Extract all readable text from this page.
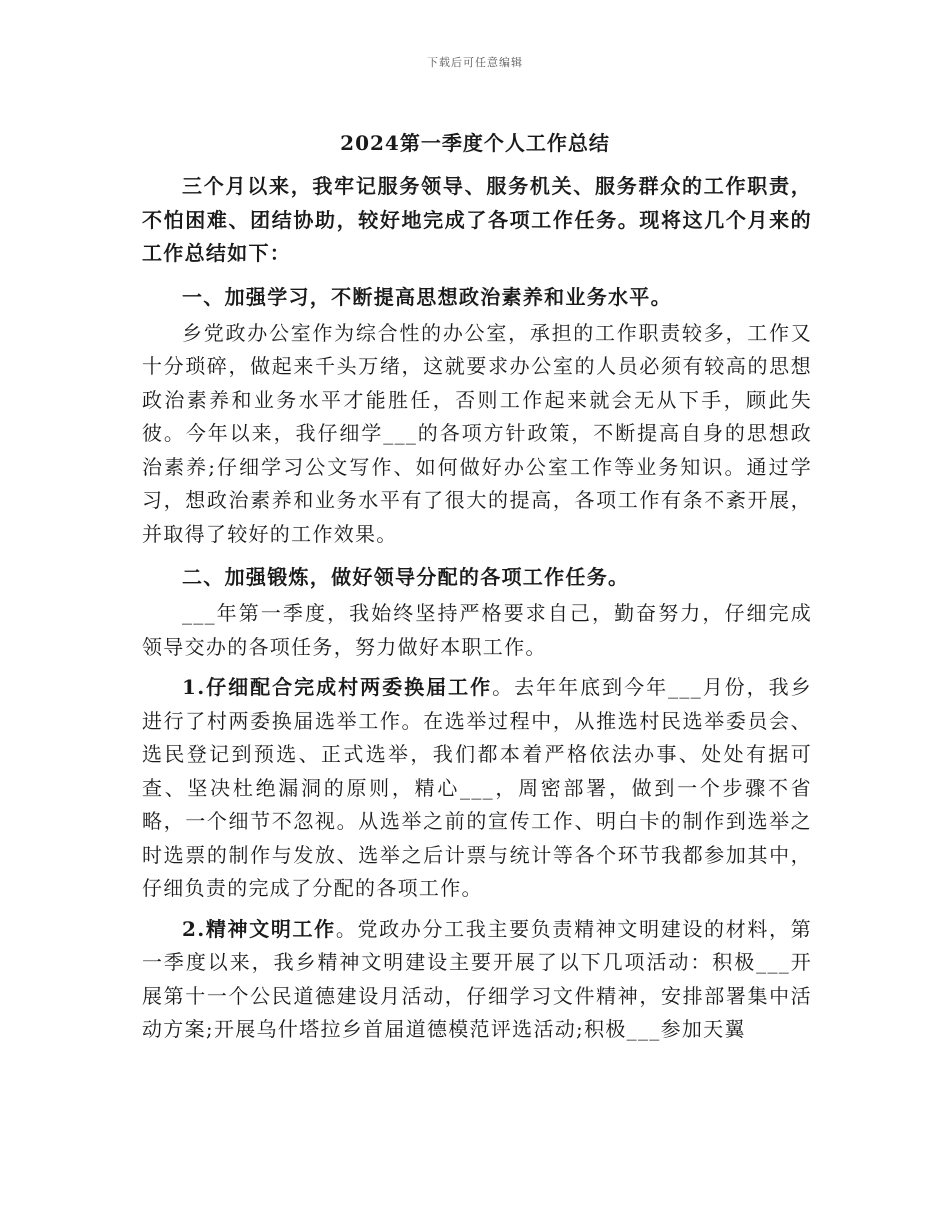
下载后可任意编辑
2024第一季度个人工作总结

三个月以来，我牢记服务领导、服务机关、服务群众的工作职责，不怕困难、团结协助，较好地完成了各项工作任务。现将这几个月来的工作总结如下：

一、加强学习，不断提高思想政治素养和业务水平。

乡党政办公室作为综合性的办公室，承担的工作职责较多，工作又十分琐碎，做起来千头万绪，这就要求办公室的人员必须有较高的思想政治素养和业务水平才能胜任，否则工作起来就会无从下手，顾此失彼。今年以来，我仔细学___的各项方针政策，不断提高自身的思想政治素养;仔细学习公文写作、如何做好办公室工作等业务知识。通过学习，想政治素养和业务水平有了很大的提高，各项工作有条不紊开展，并取得了较好的工作效果。

二、加强锻炼，做好领导分配的各项工作任务。

___年第一季度，我始终坚持严格要求自己，勤奋努力，仔细完成领导交办的各项任务，努力做好本职工作。

1.仔细配合完成村两委换届工作。去年年底到今年___月份，我乡进行了村两委换届选举工作。在选举过程中，从推选村民选举委员会、选民登记到预选、正式选举，我们都本着严格依法办事、处处有据可查、坚决杜绝漏洞的原则，精心___，周密部署，做到一个步骤不省略，一个细节不忽视。从选举之前的宣传工作、明白卡的制作到选举之时选票的制作与发放、选举之后计票与统计等各个环节我都参加其中，仔细负责的完成了分配的各项工作。

2.精神文明工作。党政办分工我主要负责精神文明建设的材料，第一季度以来，我乡精神文明建设主要开展了以下几项活动：积极___开展第十一个公民道德建设月活动，仔细学习文件精神，安排部署集中活动方案;开展乌什塔拉乡首届道德模范评选活动;积极___参加天翼
